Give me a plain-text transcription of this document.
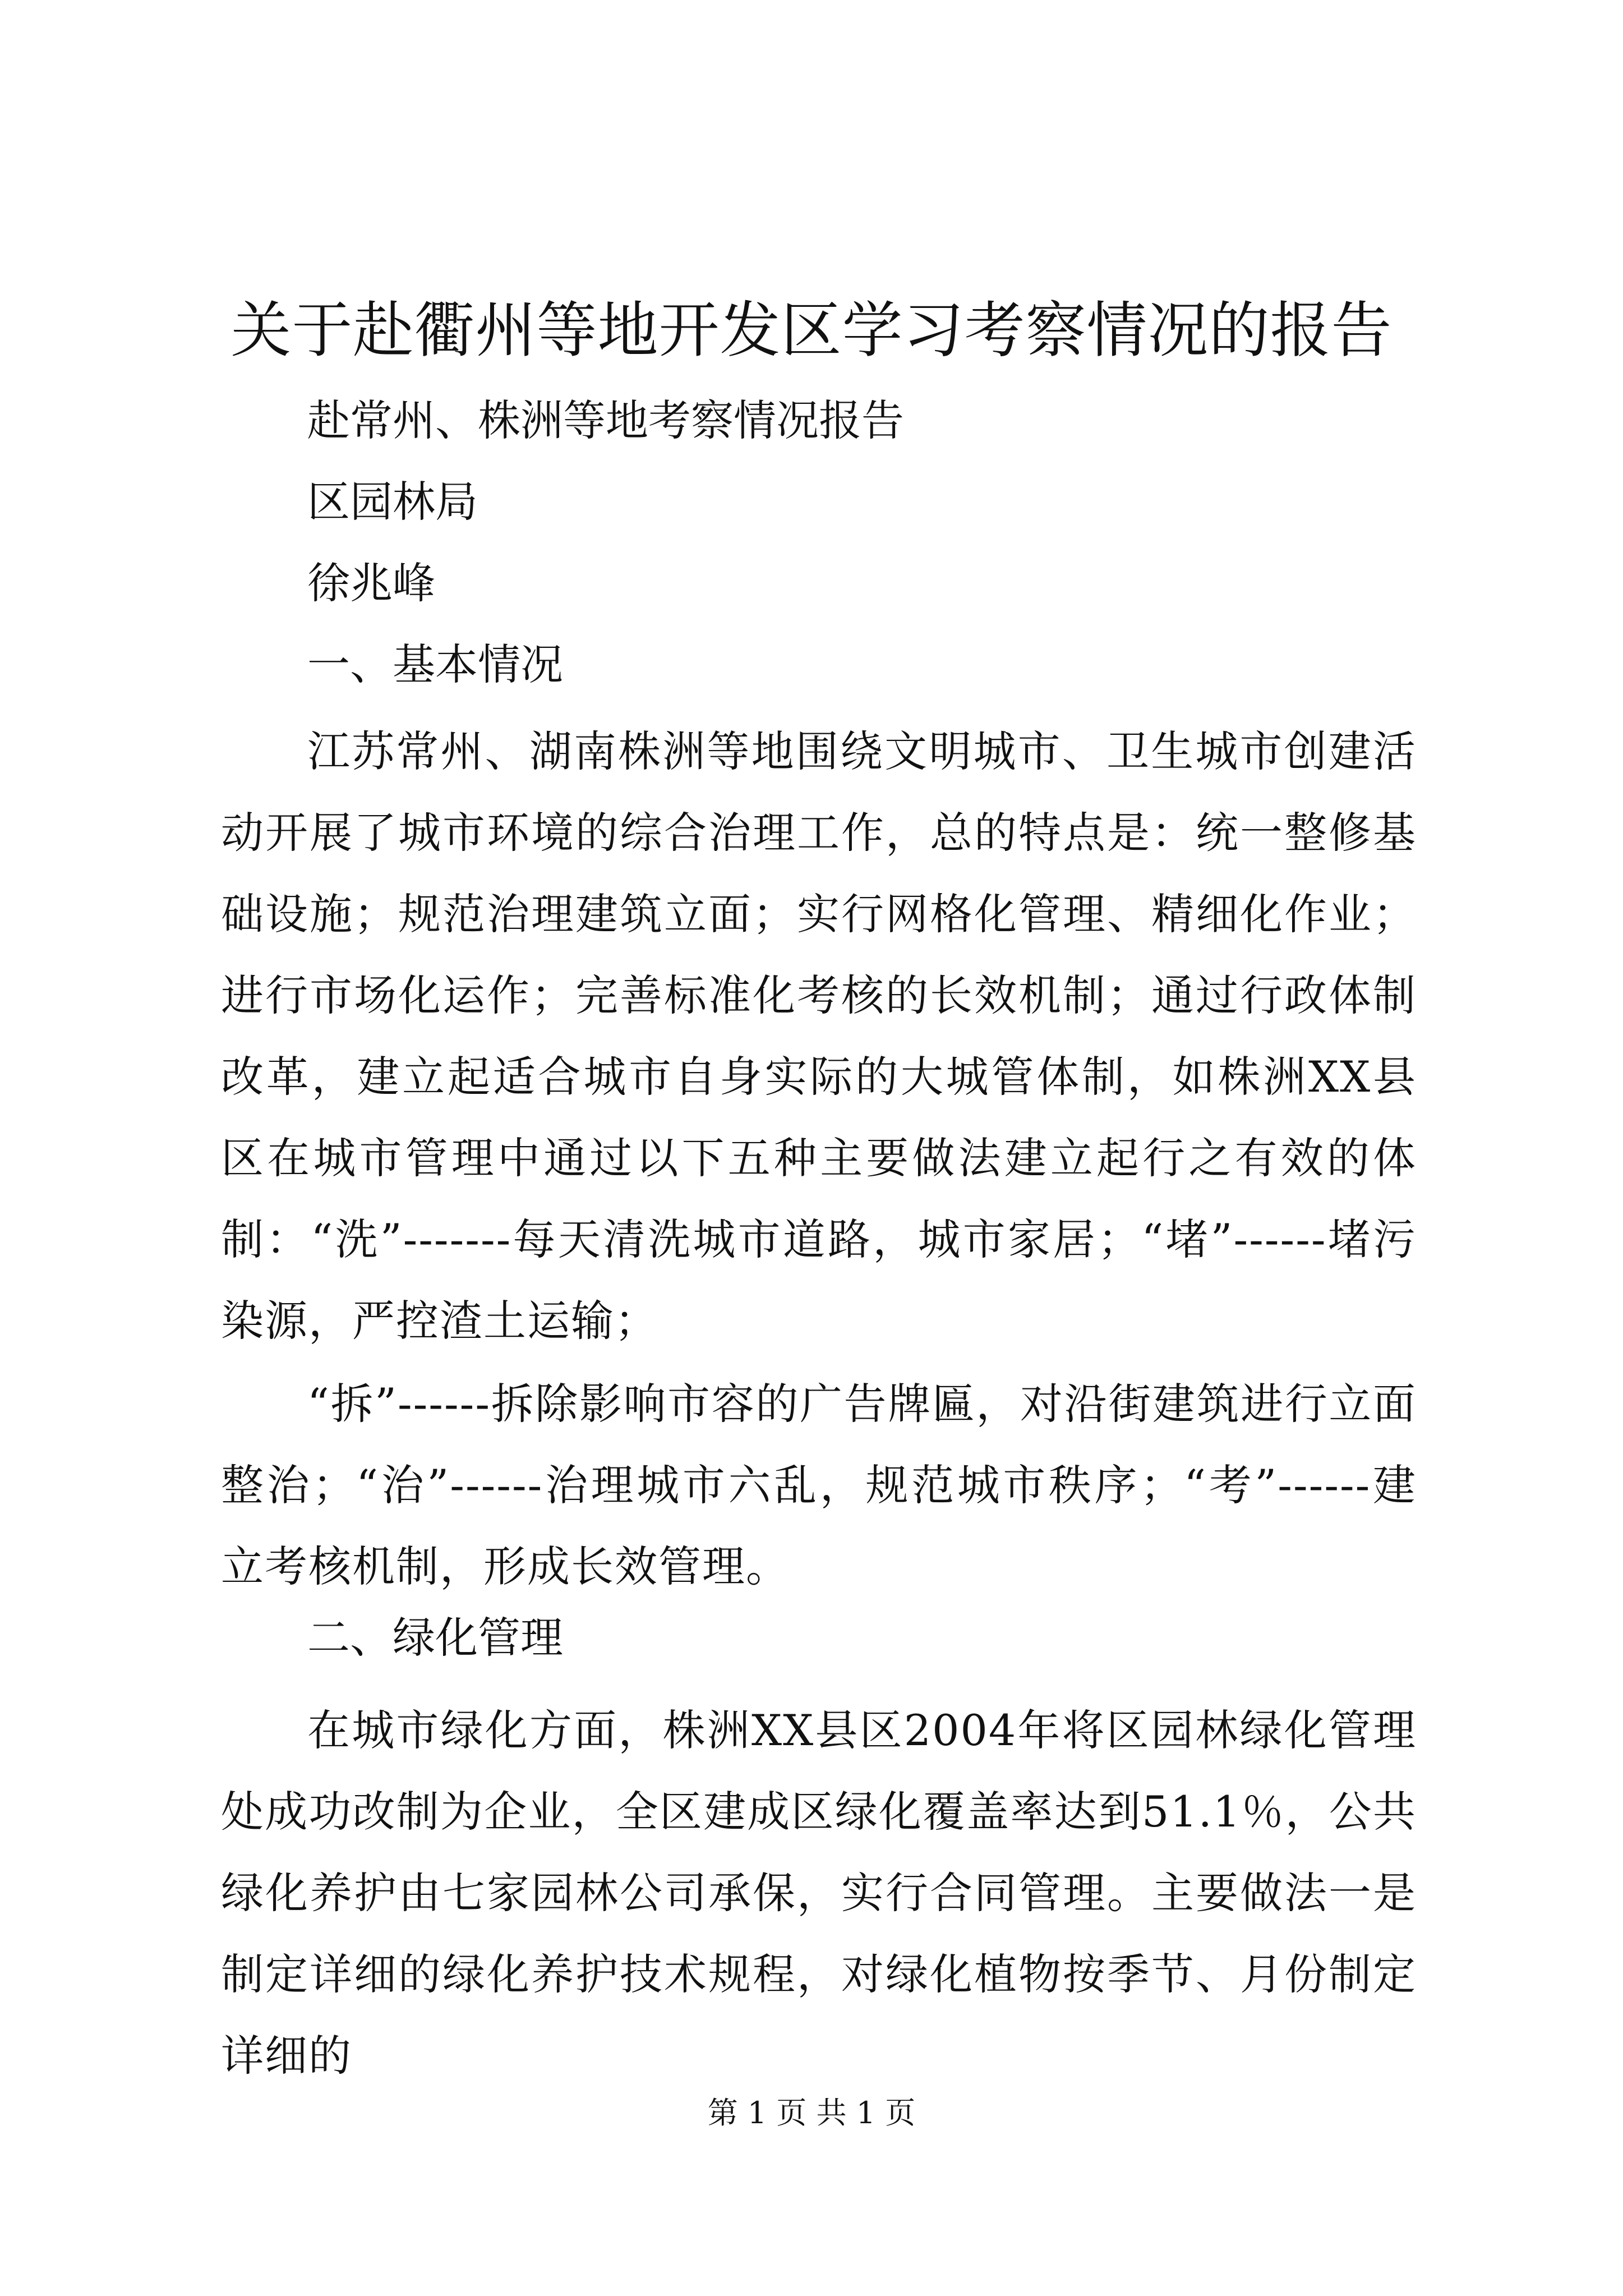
关于赴衢州等地开发区学习考察情况的报告
赴常州、株洲等地考察情况报告
区园林局
徐兆峰
一、基本情况
江苏常州、湖南株洲等地围绕文明城市、卫生城市创建活动开展了城市环境的综合治理工作，总的特点是：统一整修基础设施；规范治理建筑立面；实行网格化管理、精细化作业；进行市场化运作；完善标准化考核的长效机制；通过行政体制改革，建立起适合城市自身实际的大城管体制，如株洲XX县区在城市管理中通过以下五种主要做法建立起行之有效的体制：“洗”-------每天清洗城市道路，城市家居；“堵”------堵污染源，严控渣土运输；
“拆”------拆除影响市容的广告牌匾，对沿街建筑进行立面整治；“治”------治理城市六乱，规范城市秩序；“考”------建立考核机制，形成长效管理。
二、绿化管理
在城市绿化方面，株洲XX县区2004年将区园林绿化管理处成功改制为企业，全区建成区绿化覆盖率达到51.1％，公共绿化养护由七家园林公司承保，实行合同管理。主要做法一是制定详细的绿化养护技术规程，对绿化植物按季节、月份制定详细的
第 1 页 共 1 页
